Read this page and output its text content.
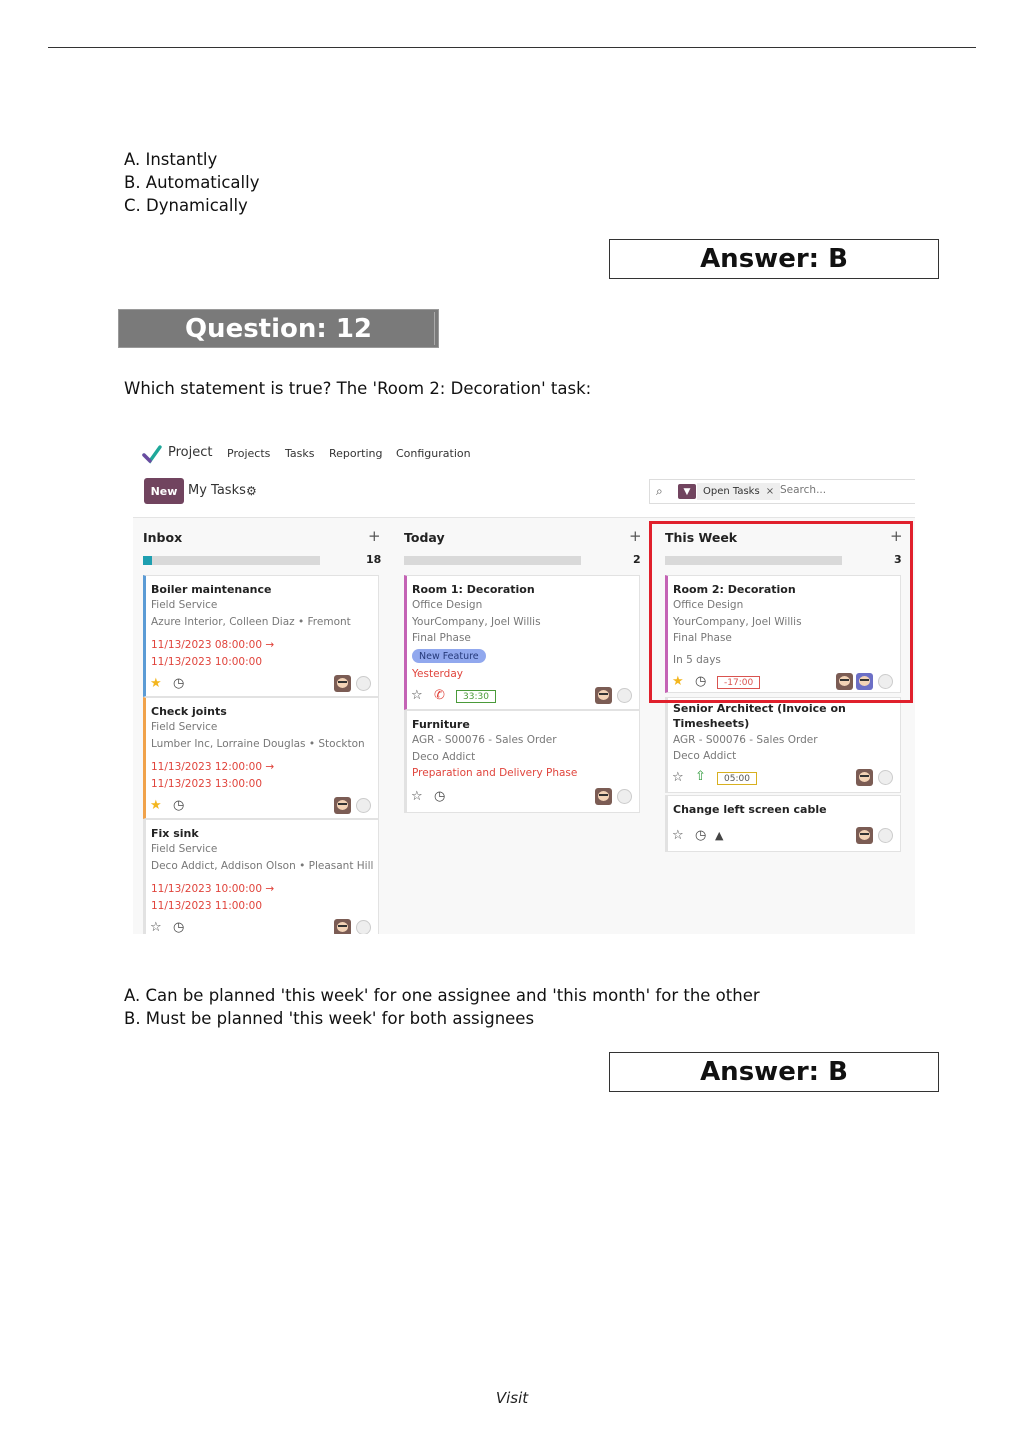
A. Instantly
B. Automatically
C. Dynamically
Answer: B
Question: 12
Which statement is true? The 'Room 2: Decoration' task:
Project Projects Tasks Reporting Configuration
New My Tasks ⚙	⌕	▼	Open Tasks ×
Search...
Inbox	+
18
Boiler maintenance
Field Service
Azure Interior, Colleen Diaz • Fremont
11/13/2023 08:00:00 →
11/13/2023 10:00:00
★ ◷
Check joints
Field Service
Lumber Inc, Lorraine Douglas • Stockton
11/13/2023 12:00:00 →
11/13/2023 13:00:00
★ ◷
Fix sink
Field Service
Deco Addict, Addison Olson • Pleasant Hill
11/13/2023 10:00:00 →
11/13/2023 11:00:00
☆ ◷
Today	+
2
Room 1: Decoration
Office Design
YourCompany, Joel Willis
Final Phase
New Feature
Yesterday
☆ ✆	33:30
Furniture
AGR - S00076 - Sales Order
Deco Addict
Preparation and Delivery Phase
☆ ◷
This Week	+
3
Room 2: Decoration
Office Design
YourCompany, Joel Willis
Final Phase
In 5 days
★ ◷	-17:00
Senior Architect (Invoice on
Timesheets)
AGR - S00076 - Sales Order
Deco Addict
☆ ⇧	05:00
Change left screen cable
☆ ◷ ▲
A. Can be planned 'this week' for one assignee and 'this month' for the other
B. Must be planned 'this week' for both assignees
Answer: B
Visit
